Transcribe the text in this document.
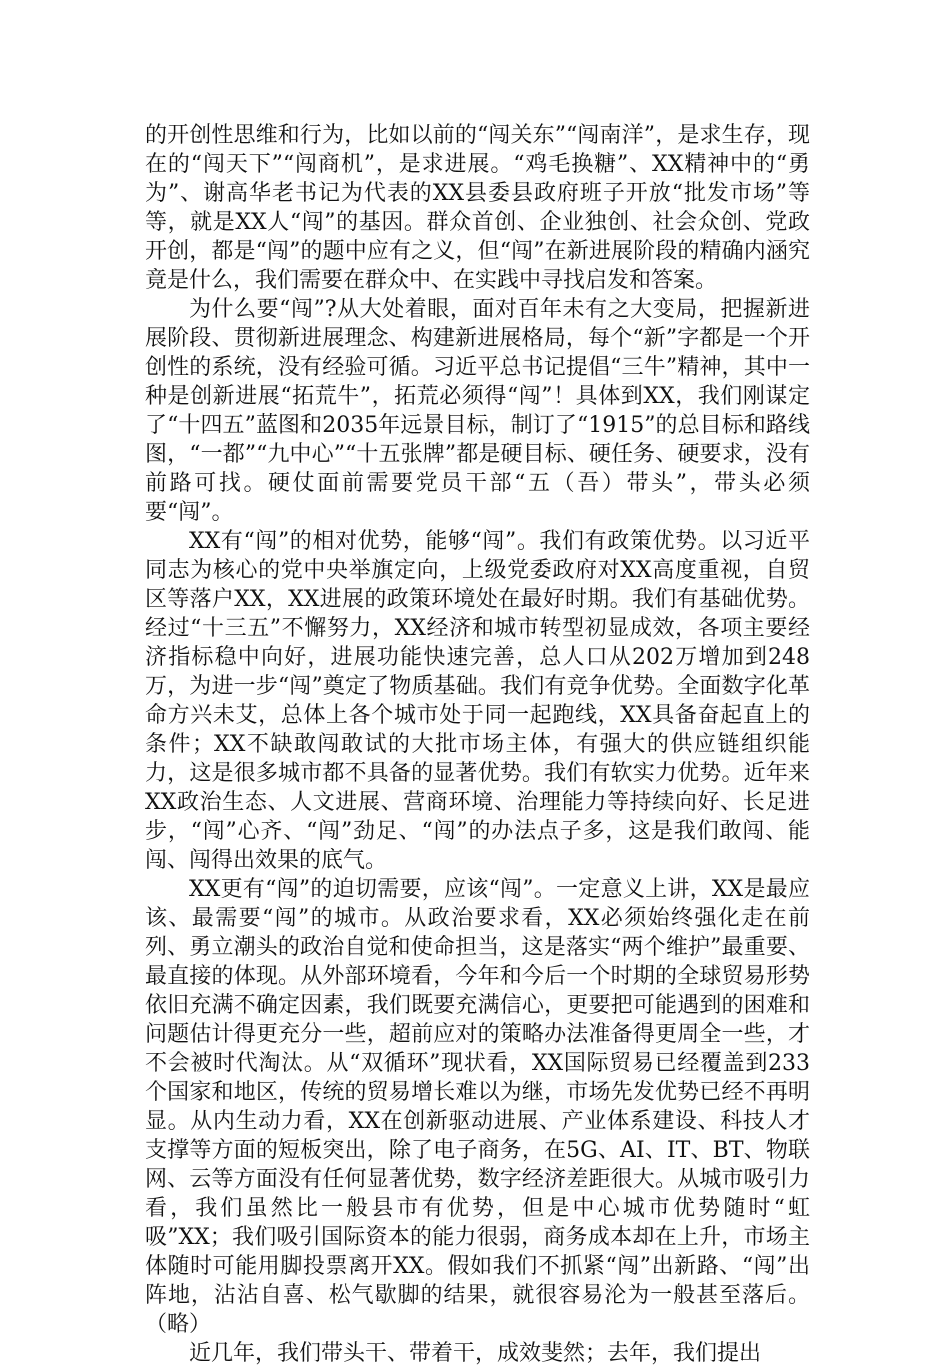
的开创性思维和行为，比如以前的“闯关东”“闯南洋”，是求生存，现在的“闯天下”“闯商机”，是求进展。“鸡毛换糖”、XX精神中的“勇为”、谢高华老书记为代表的XX县委县政府班子开放“批发市场”等等，就是XX人“闯”的基因。群众首创、企业独创、社会众创、党政开创，都是“闯”的题中应有之义，但“闯”在新进展阶段的精确内涵究竟是什么，我们需要在群众中、在实践中寻找启发和答案。

为什么要“闯”?从大处着眼，面对百年未有之大变局，把握新进展阶段、贯彻新进展理念、构建新进展格局，每个“新”字都是一个开创性的系统，没有经验可循。习近平总书记提倡“三牛”精神，其中一种是创新进展“拓荒牛”，拓荒必须得“闯”！具体到XX，我们刚谋定了“十四五”蓝图和2035年远景目标，制订了“1915”的总目标和路线图，“一都”“九中心”“十五张牌”都是硬目标、硬任务、硬要求，没有前路可找。硬仗面前需要党员干部“五（吾）带头”，带头必须要“闯”。

XX有“闯”的相对优势，能够“闯”。我们有政策优势。以习近平同志为核心的党中央举旗定向，上级党委政府对XX高度重视，自贸区等落户XX，XX进展的政策环境处在最好时期。我们有基础优势。经过“十三五”不懈努力，XX经济和城市转型初显成效，各项主要经济指标稳中向好，进展功能快速完善，总人口从202万增加到248万，为进一步“闯”奠定了物质基础。我们有竞争优势。全面数字化革命方兴未艾，总体上各个城市处于同一起跑线，XX具备奋起直上的条件；XX不缺敢闯敢试的大批市场主体，有强大的供应链组织能力，这是很多城市都不具备的显著优势。我们有软实力优势。近年来XX政治生态、人文进展、营商环境、治理能力等持续向好、长足进步，“闯”心齐、“闯”劲足、“闯”的办法点子多，这是我们敢闯、能闯、闯得出效果的底气。

XX更有“闯”的迫切需要，应该“闯”。一定意义上讲，XX是最应该、最需要“闯”的城市。从政治要求看，XX必须始终强化走在前列、勇立潮头的政治自觉和使命担当，这是落实“两个维护”最重要、最直接的体现。从外部环境看，今年和今后一个时期的全球贸易形势依旧充满不确定因素，我们既要充满信心，更要把可能遇到的困难和问题估计得更充分一些，超前应对的策略办法准备得更周全一些，才不会被时代淘汰。从“双循环”现状看，XX国际贸易已经覆盖到233个国家和地区，传统的贸易增长难以为继，市场先发优势已经不再明显。从内生动力看，XX在创新驱动进展、产业体系建设、科技人才支撑等方面的短板突出，除了电子商务，在5G、AI、IT、BT、物联网、云等方面没有任何显著优势，数字经济差距很大。从城市吸引力看，我们虽然比一般县市有优势，但是中心城市优势随时“虹吸”XX；我们吸引国际资本的能力很弱，商务成本却在上升，市场主体随时可能用脚投票离开XX。假如我们不抓紧“闯”出新路、“闯”出阵地，沾沾自喜、松气歇脚的结果，就很容易沦为一般甚至落后。（略）

近几年，我们带头干、带着干，成效斐然；去年，我们提出
